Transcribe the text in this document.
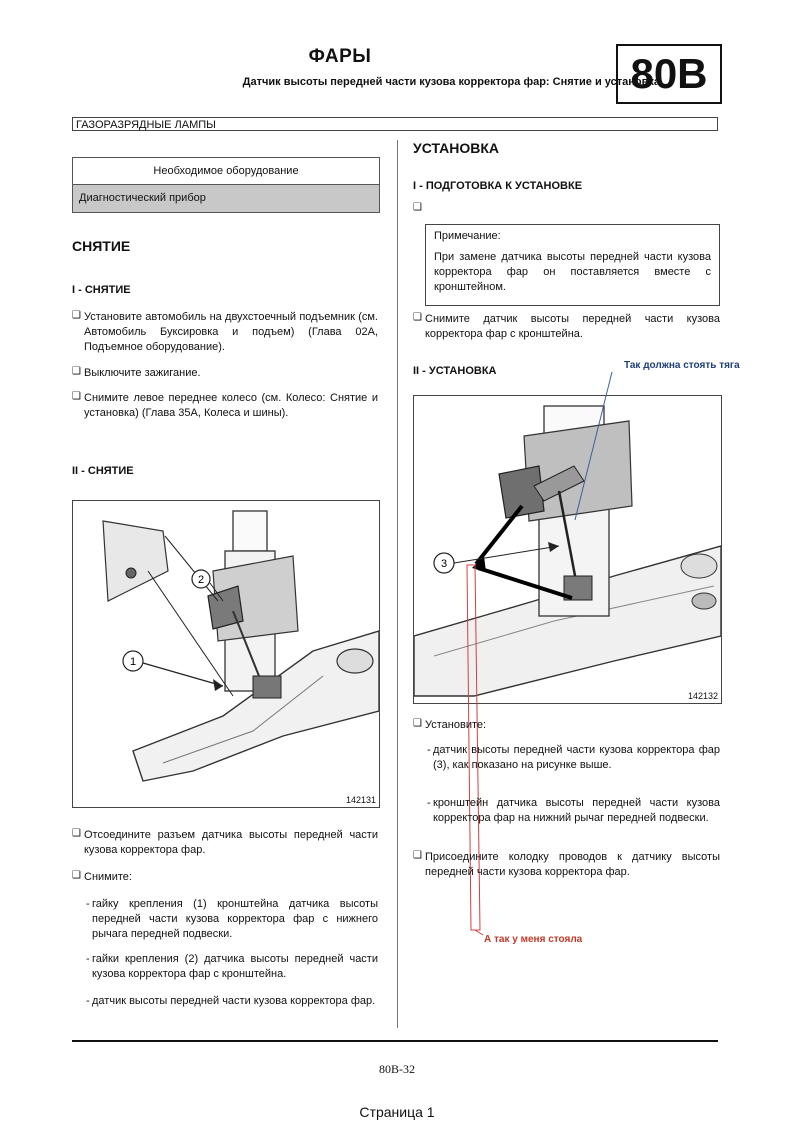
ФАРЫ
Датчик высоты передней части кузова корректора фар: Снятие и установка
80B
ГАЗОРАЗРЯДНЫЕ ЛАМПЫ
Необходимое оборудование
Диагностический прибор
СНЯТИЕ
I - СНЯТИЕ
❑ Установите автомобиль на двухстоечный подъемник (см. Автомобиль Буксировка и подъем) (Глава 02А, Подъемное оборудование).
❑ Выключите зажигание.
❑ Снимите левое переднее колесо (см. Колесо: Снятие и установка) (Глава 35А, Колеса и шины).
II - СНЯТИЕ
2
1
142131
❑ Отсоедините разъем датчика высоты передней части кузова корректора фар.
❑ Снимите:
- гайку крепления (1) кронштейна датчика высоты передней части кузова корректора фар с нижнего рычага передней подвески.
- гайки крепления (2) датчика высоты передней части кузова корректора фар с кронштейна.
- датчик высоты передней части кузова корректора фар.
УСТАНОВКА
I - ПОДГОТОВКА К УСТАНОВКЕ
❑
Примечание:
При замене датчика высоты передней части кузова корректора фар он поставляется вместе с кронштейном.
❑ Снимите датчик высоты передней части кузова корректора фар с кронштейна.
II - УСТАНОВКА	Так должна стоять тяга
3
142132
❑ Установите:
- датчик высоты передней части кузова корректора фар (3), как показано на рисунке выше.
- кронштейн датчика высоты передней части кузова корректора фар на нижний рычаг передней подвески.
❑ Присоедините колодку проводов к датчику высоты передней части кузова корректора фар.
А так у меня стояла
80B-32
Страница 1
